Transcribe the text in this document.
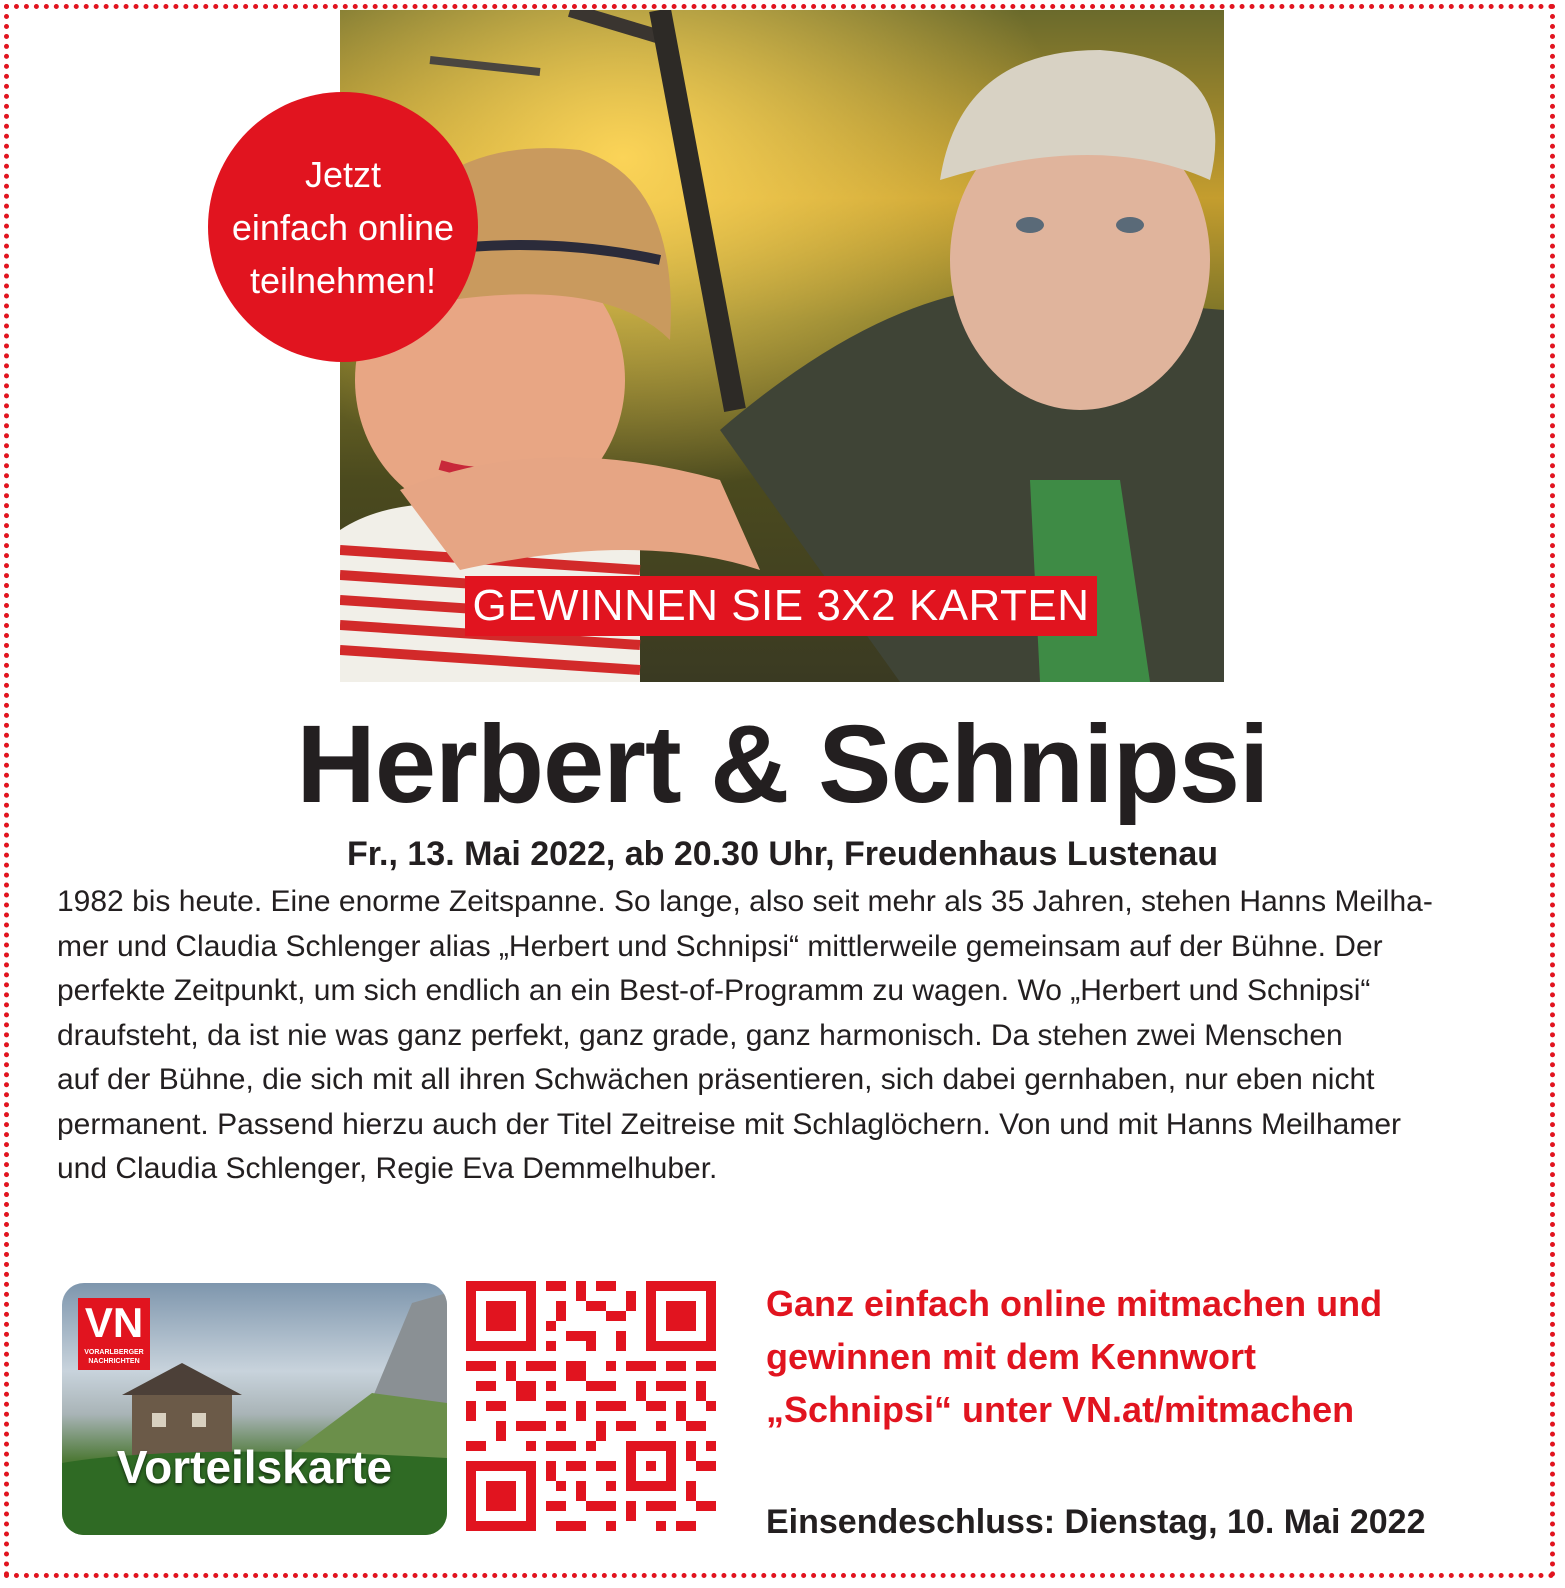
Jetzt
einfach online
teilnehmen!
GEWINNEN SIE 3X2 KARTEN
Herbert & Schnipsi
Fr., 13. Mai 2022, ab 20.30 Uhr, Freudenhaus Lustenau
1982 bis heute. Eine enorme Zeitspanne. So lange, also seit mehr als 35 Jahren, stehen Hanns Meilha-
mer und Claudia Schlenger alias „Herbert und Schnipsi“ mittlerweile gemeinsam auf der Bühne. Der
perfekte Zeitpunkt, um sich endlich an ein Best-of-Programm zu wagen. Wo „Herbert und Schnipsi“
draufsteht, da ist nie was ganz perfekt, ganz grade, ganz harmonisch. Da stehen zwei Menschen
auf der Bühne, die sich mit all ihren Schwächen präsentieren, sich dabei gernhaben, nur eben nicht
permanent. Passend hierzu auch der Titel Zeitreise mit Schlaglöchern. Von und mit Hanns Meilhamer
und Claudia Schlenger, Regie Eva Demmelhuber.
VN
VORARLBERGER
NACHRICHTEN
Vorteilskarte
Ganz einfach online mitmachen und
gewinnen mit dem Kennwort
„Schnipsi“ unter VN.at/mitmachen
Einsendeschluss: Dienstag, 10. Mai 2022
